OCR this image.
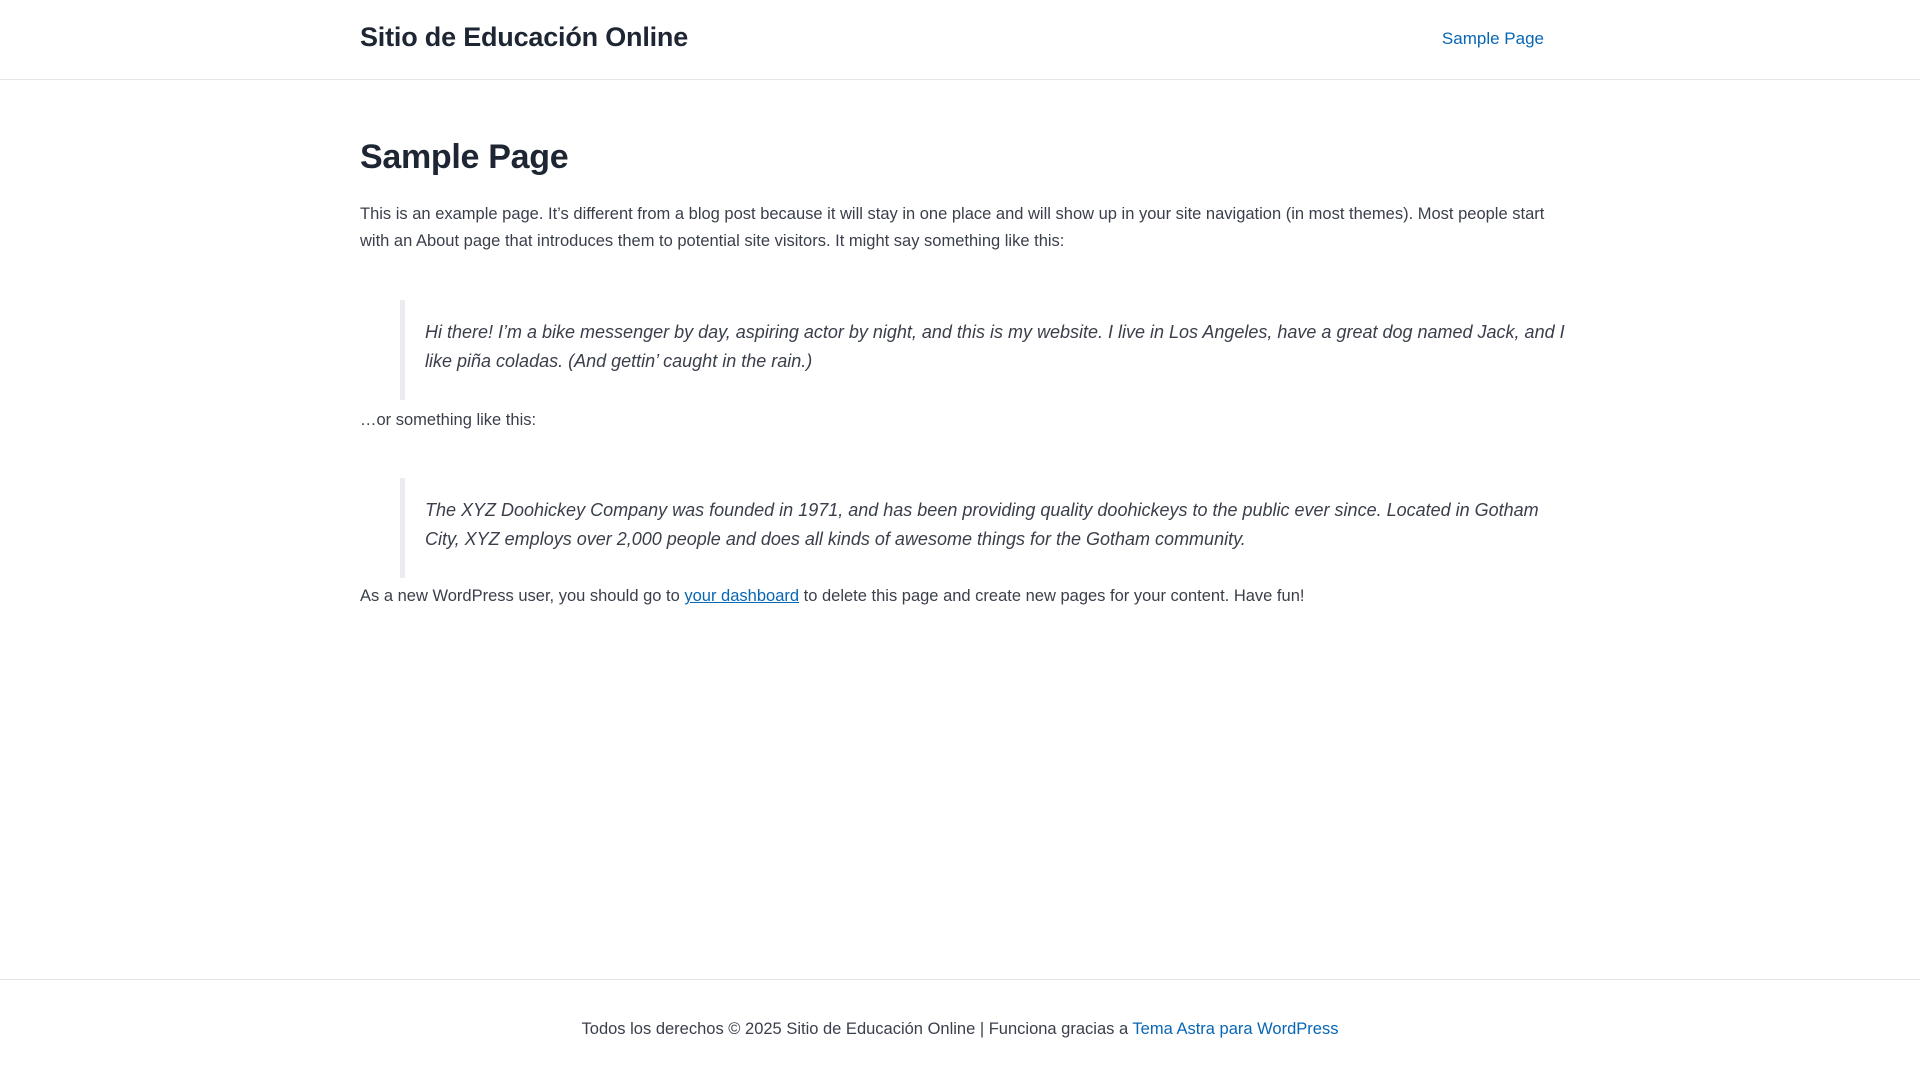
Sitio de Educación Online	Sample Page
Sample Page

This is an example page. It’s different from a blog post because it will stay in one place and will show up in your site navigation (in most themes). Most people start with an About page that introduces them to potential site visitors. It might say something like this:

Hi there! I’m a bike messenger by day, aspiring actor by night, and this is my website. I live in Los Angeles, have a great dog named Jack, and I like piña coladas. (And gettin’ caught in the rain.)

…or something like this:

The XYZ Doohickey Company was founded in 1971, and has been providing quality doohickeys to the public ever since. Located in Gotham City, XYZ employs over 2,000 people and does all kinds of awesome things for the Gotham community.

As a new WordPress user, you should go to your dashboard to delete this page and create new pages for your content. Have fun!

Todos los derechos © 2025 Sitio de Educación Online | Funciona gracias a Tema Astra para WordPress
